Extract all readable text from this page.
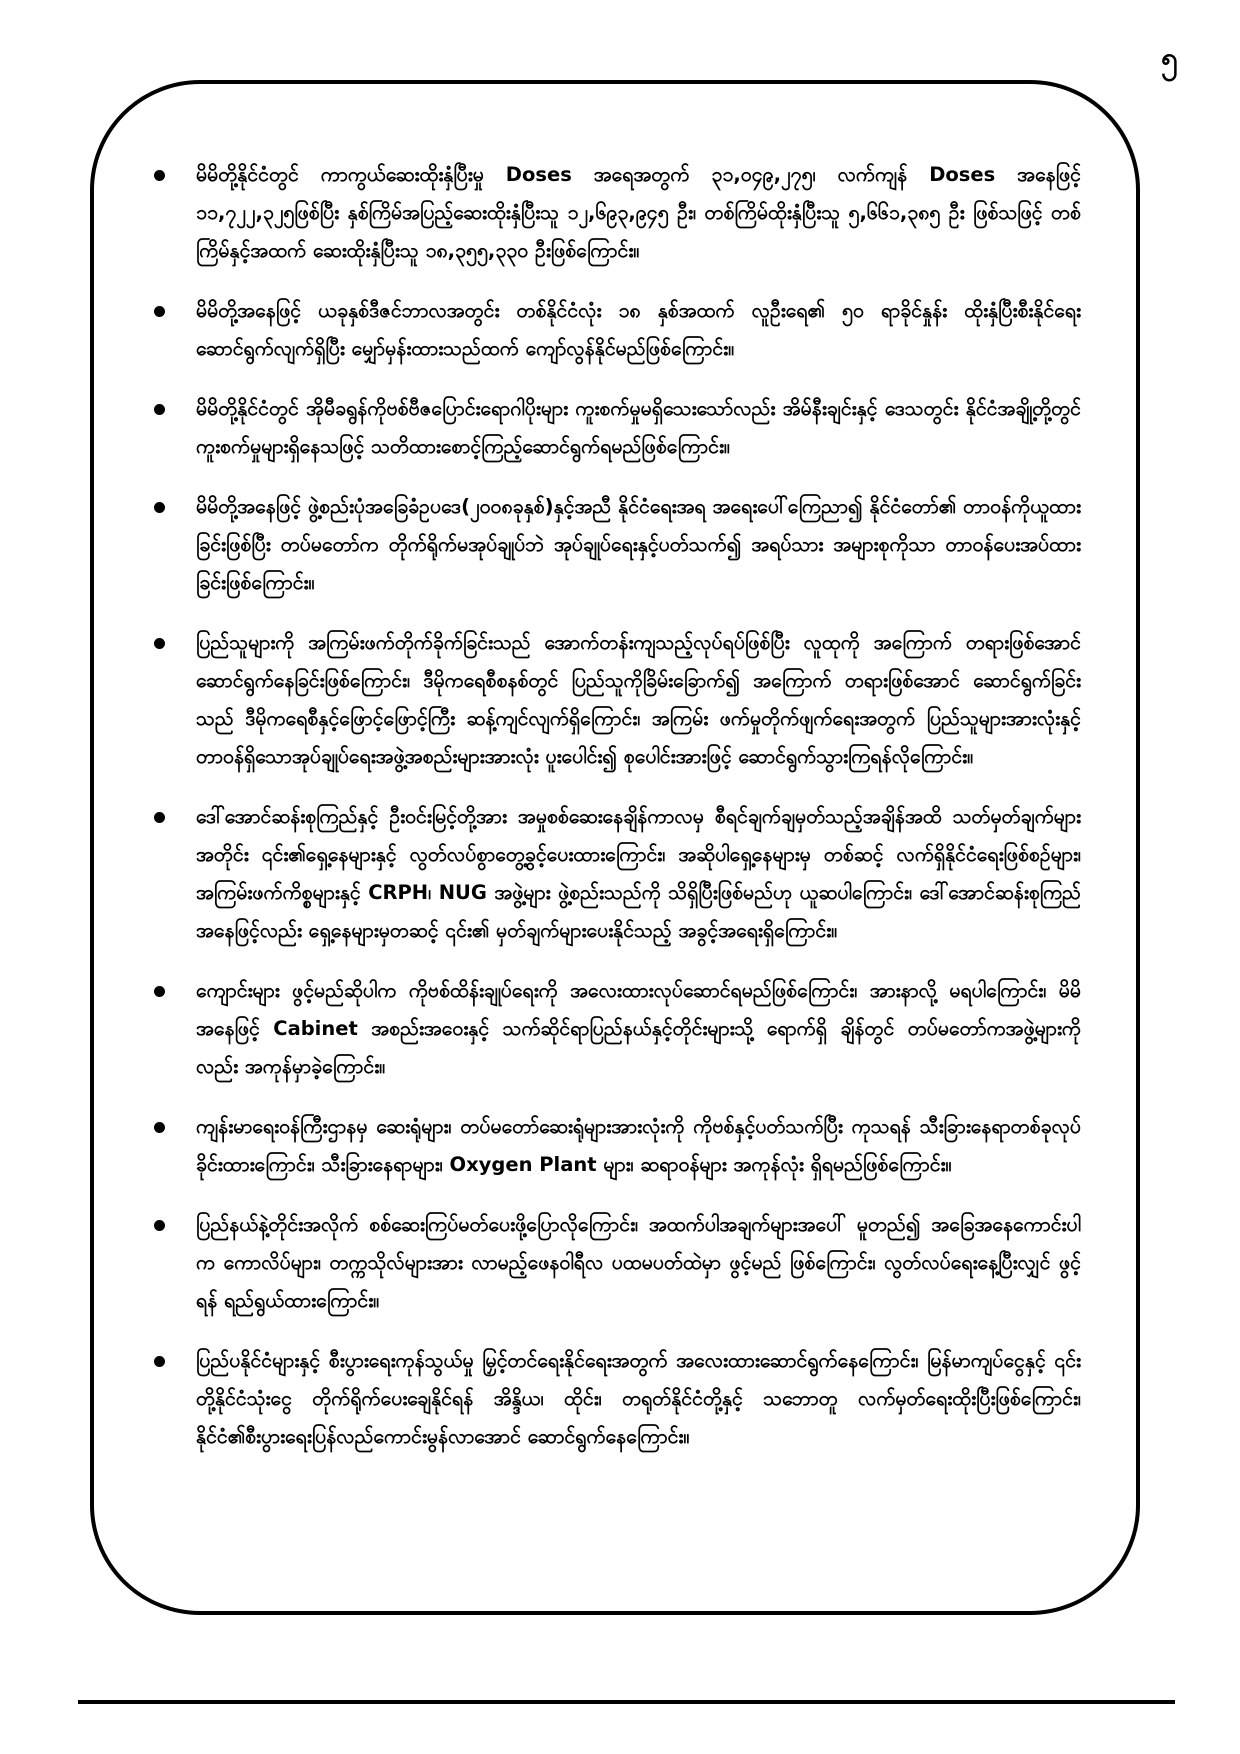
၅
မိမိတို့နိုင်ငံတွင် ကာကွယ်ဆေးထိုးနှံပြီးမှု Doses အရေအတွက် ၃၁,၀၄၉,၂၇၅၊ လက်ကျန် Doses အနေဖြင့် ၁၁,၇၂၂,၃၂၅ဖြစ်ပြီး နှစ်ကြိမ်အပြည့်ဆေးထိုးနှံပြီးသူ ၁၂,၆၉၃,၉၄၅ ဦး၊ တစ်ကြိမ်ထိုးနှံပြီးသူ ၅,၆၆၁,၃၈၅ ဦး ဖြစ်သဖြင့် တစ်ကြိမ်နှင့်အထက် ဆေးထိုးနှံပြီးသူ ၁၈,၃၅၅,၃၃၀ ဦးဖြစ်ကြောင်း။
မိမိတို့အနေဖြင့် ယခုနှစ်ဒီဇင်ဘာလအတွင်း တစ်နိုင်ငံလုံး ၁၈ နှစ်အထက် လူဦးရေ၏ ၅၀ ရာခိုင်နှုန်း ထိုးနှံပြီးစီးနိုင်ရေး ဆောင်ရွက်လျက်ရှိပြီး မျှော်မှန်းထားသည်ထက် ကျော်လွန်နိုင်မည်ဖြစ်ကြောင်း။
မိမိတို့နိုင်ငံတွင် အိုမီခရွန်ကိုဗစ်ဗီဇပြောင်းရောဂါပိုးများ ကူးစက်မှုမရှိသေးသော်လည်း အိမ်နီးချင်းနှင့် ဒေသတွင်း နိုင်ငံအချို့တို့တွင် ကူးစက်မှုများရှိနေသဖြင့် သတိထားစောင့်ကြည့်ဆောင်ရွက်ရမည်ဖြစ်ကြောင်း။
မိမိတို့အနေဖြင့် ဖွဲ့စည်းပုံအခြေခံဥပဒေ(၂၀၀၈ခုနှစ်)နှင့်အညီ နိုင်ငံရေးအရ အရေးပေါ်ကြေညာ၍ နိုင်ငံတော်၏ တာဝန်ကိုယူထားခြင်းဖြစ်ပြီး တပ်မတော်က တိုက်ရိုက်မအုပ်ချုပ်ဘဲ အုပ်ချုပ်ရေးနှင့်ပတ်သက်၍ အရပ်သား အများစုကိုသာ တာဝန်ပေးအပ်ထားခြင်းဖြစ်ကြောင်း။
ပြည်သူများကို အကြမ်းဖက်တိုက်ခိုက်ခြင်းသည် အောက်တန်းကျသည့်လုပ်ရပ်ဖြစ်ပြီး လူထုကို အကြောက် တရားဖြစ်အောင်ဆောင်ရွက်နေခြင်းဖြစ်ကြောင်း၊ ဒီမိုကရေစီစနစ်တွင် ပြည်သူကိုခြိမ်းခြောက်၍ အကြောက် တရားဖြစ်အောင် ဆောင်ရွက်ခြင်းသည် ဒီမိုကရေစီနှင့်ဖြောင့်ဖြောင့်ကြီး ဆန့်ကျင်လျက်ရှိကြောင်း၊ အကြမ်း ဖက်မှုတိုက်ဖျက်ရေးအတွက် ပြည်သူများအားလုံးနှင့် တာဝန်ရှိသောအုပ်ချုပ်ရေးအဖွဲ့အစည်းများအားလုံး ပူးပေါင်း၍ စုပေါင်းအားဖြင့် ဆောင်ရွက်သွားကြရန်လိုကြောင်း။
ဒေါ်အောင်ဆန်းစုကြည်နှင့် ဦးဝင်းမြင့်တို့အား အမှုစစ်ဆေးနေချိန်ကာလမှ စီရင်ချက်ချမှတ်သည့်အချိန်အထိ သတ်မှတ်ချက်များအတိုင်း ၎င်း၏ရှေ့နေများနှင့် လွတ်လပ်စွာတွေ့ခွင့်ပေးထားကြောင်း၊ အဆိုပါရှေ့နေများမှ တစ်ဆင့် လက်ရှိနိုင်ငံရေးဖြစ်စဉ်များ၊ အကြမ်းဖက်ကိစ္စများနှင့် CRPH၊ NUG အဖွဲ့များ ဖွဲ့စည်းသည်ကို သိရှိပြီးဖြစ်မည်ဟု ယူဆပါကြောင်း၊ ဒေါ်အောင်ဆန်းစုကြည်အနေဖြင့်လည်း ရှေ့နေများမှတဆင့် ၎င်း၏ မှတ်ချက်များပေးနိုင်သည့် အခွင့်အရေးရှိကြောင်း။
ကျောင်းများ ဖွင့်မည်ဆိုပါက ကိုဗစ်ထိန်းချုပ်ရေးကို အလေးထားလုပ်ဆောင်ရမည်ဖြစ်ကြောင်း၊ အားနာလို့ မရပါကြောင်း၊ မိမိအနေဖြင့် Cabinet အစည်းအဝေးနှင့် သက်ဆိုင်ရာပြည်နယ်နှင့်တိုင်းများသို့ ရောက်ရှိ ချိန်တွင် တပ်မတော်ကအဖွဲ့များကိုလည်း အကုန်မှာခဲ့ကြောင်း။
ကျန်းမာရေးဝန်ကြီးဌာနမှ ဆေးရုံများ၊ တပ်မတော်ဆေးရုံများအားလုံးကို ကိုဗစ်နှင့်ပတ်သက်ပြီး ကုသရန် သီးခြားနေရာတစ်ခုလုပ်ခိုင်းထားကြောင်း၊ သီးခြားနေရာများ၊ Oxygen Plant များ၊ ဆရာဝန်များ အကုန်လုံး ရှိရမည်ဖြစ်ကြောင်း။
ပြည်နယ်နဲ့တိုင်းအလိုက် စစ်ဆေးကြပ်မတ်ပေးဖို့ပြောလိုကြောင်း၊ အထက်ပါအချက်များအပေါ် မူတည်၍ အခြေအနေကောင်းပါက ကောလိပ်များ၊ တက္ကသိုလ်များအား လာမည့်ဖေနဝါရီလ ပထမပတ်ထဲမှာ ဖွင့်မည် ဖြစ်ကြောင်း၊ လွတ်လပ်ရေးနေ့ပြီးလျှင် ဖွင့်ရန် ရည်ရွယ်ထားကြောင်း။
ပြည်ပနိုင်ငံများနှင့် စီးပွားရေးကုန်သွယ်မှု မြှင့်တင်ရေးနိုင်ရေးအတွက် အလေးထားဆောင်ရွက်နေကြောင်း၊ မြန်မာကျပ်ငွေနှင့် ၎င်းတို့နိုင်ငံသုံးငွေ တိုက်ရိုက်ပေးချေနိုင်ရန် အိန္ဒိယ၊ ထိုင်း၊ တရုတ်နိုင်ငံတို့နှင့် သဘောတူ လက်မှတ်ရေးထိုးပြီးဖြစ်ကြောင်း၊ နိုင်ငံ၏စီးပွားရေးပြန်လည်ကောင်းမွန်လာအောင် ဆောင်ရွက်နေကြောင်း။
